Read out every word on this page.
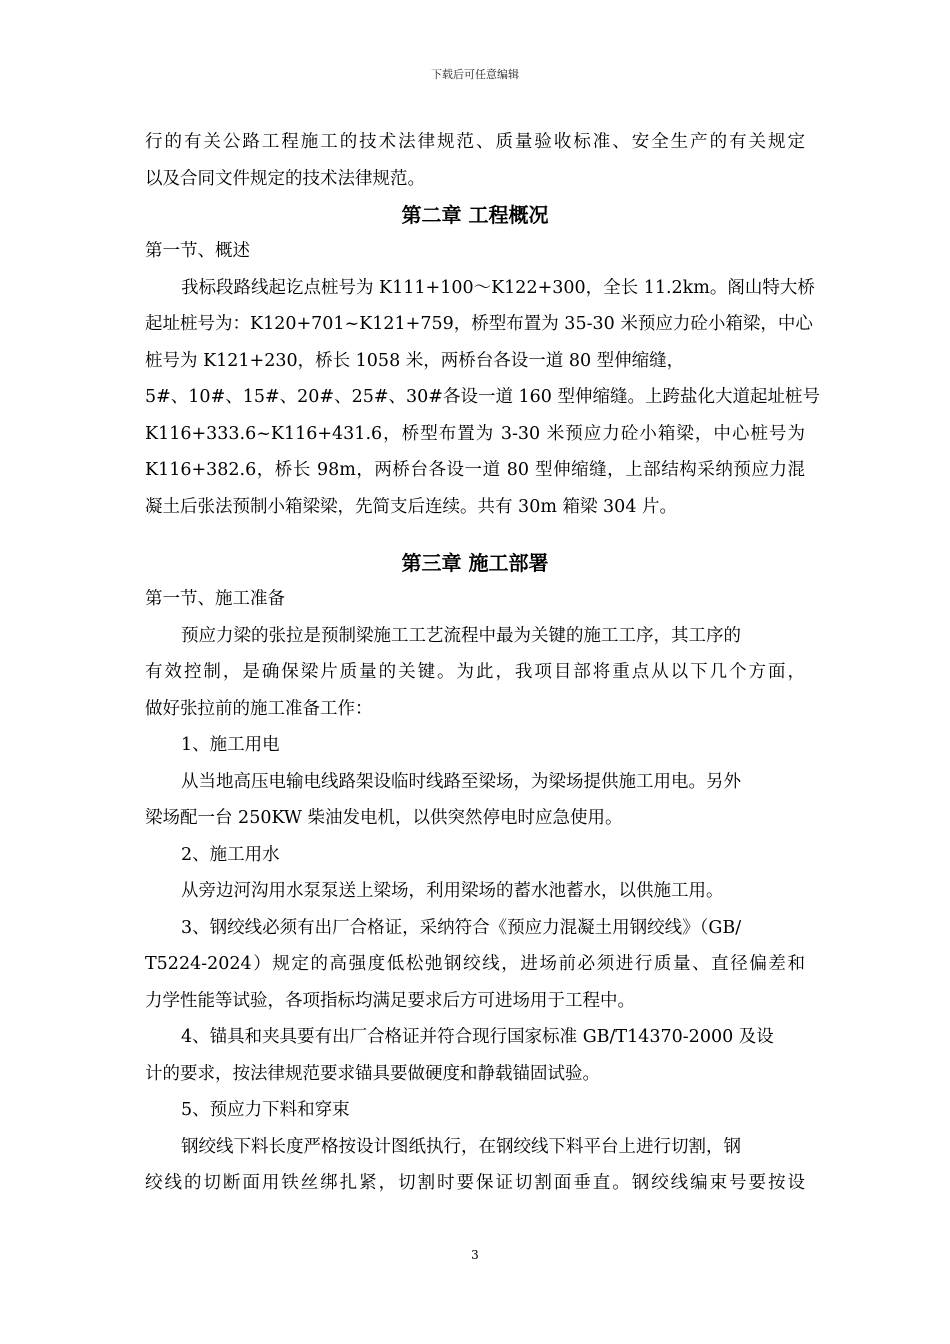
下载后可任意编辑
行的有关公路工程施工的技术法律规范、质量验收标准、安全生产的有关规定
以及合同文件规定的技术法律规范。
第二章 工程概况
第一节、概述
我标段路线起讫点桩号为 K111+100～K122+300，全长 11.2km。阁山特大桥
起址桩号为：K120+701~K121+759，桥型布置为 35-30 米预应力砼小箱梁，中心
桩号为 K121+230，桥长 1058 米，两桥台各设一道 80 型伸缩缝，
5#、10#、15#、20#、25#、30#各设一道 160 型伸缩缝。上跨盐化大道起址桩号
K116+333.6~K116+431.6，桥型布置为 3-30 米预应力砼小箱梁，中心桩号为
K116+382.6，桥长 98m，两桥台各设一道 80 型伸缩缝，上部结构采纳预应力混
凝土后张法预制小箱梁梁，先简支后连续。共有 30m 箱梁 304 片。
第三章 施工部署
第一节、施工准备
预应力梁的张拉是预制梁施工工艺流程中最为关键的施工工序，其工序的
有效控制，是确保梁片质量的关键。为此，我项目部将重点从以下几个方面，
做好张拉前的施工准备工作：
1、施工用电
从当地高压电输电线路架设临时线路至梁场，为梁场提供施工用电。另外
梁场配一台 250KW 柴油发电机，以供突然停电时应急使用。
2、施工用水
从旁边河沟用水泵泵送上梁场，利用梁场的蓄水池蓄水，以供施工用。
3、钢绞线必须有出厂合格证，采纳符合《预应力混凝土用钢绞线》（GB/
T5224-2024）规定的高强度低松弛钢绞线，进场前必须进行质量、直径偏差和
力学性能等试验，各项指标均满足要求后方可进场用于工程中。
4、锚具和夹具要有出厂合格证并符合现行国家标准 GB/T14370-2000 及设
计的要求，按法律规范要求锚具要做硬度和静载锚固试验。
5、预应力下料和穿束
钢绞线下料长度严格按设计图纸执行，在钢绞线下料平台上进行切割，钢
绞线的切断面用铁丝绑扎紧，切割时要保证切割面垂直。钢绞线编束号要按设
3
